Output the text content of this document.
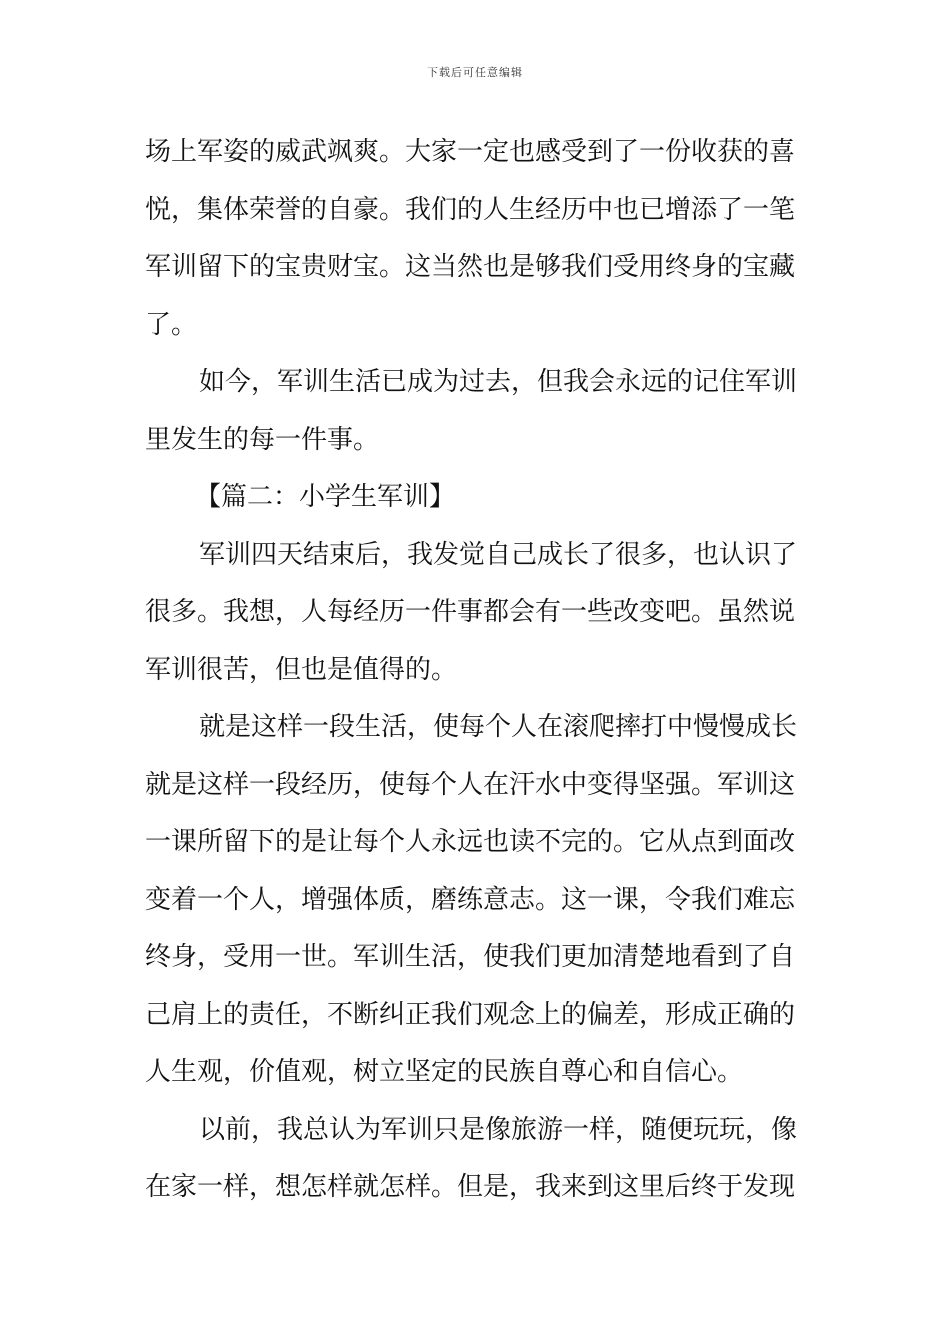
下载后可任意编辑
场上军姿的威武飒爽。大家一定也感受到了一份收获的喜
悦，集体荣誉的自豪。我们的人生经历中也已增添了一笔
军训留下的宝贵财宝。这当然也是够我们受用终身的宝藏
了。
如今，军训生活已成为过去，但我会永远的记住军训
里发生的每一件事。
【篇二：小学生军训】
军训四天结束后，我发觉自己成长了很多，也认识了
很多。我想，人每经历一件事都会有一些改变吧。虽然说
军训很苦，但也是值得的。
就是这样一段生活，使每个人在滚爬摔打中慢慢成长
就是这样一段经历，使每个人在汗水中变得坚强。军训这
一课所留下的是让每个人永远也读不完的。它从点到面改
变着一个人，增强体质，磨练意志。这一课，令我们难忘
终身，受用一世。军训生活，使我们更加清楚地看到了自
己肩上的责任，不断纠正我们观念上的偏差，形成正确的
人生观，价值观，树立坚定的民族自尊心和自信心。
以前，我总认为军训只是像旅游一样，随便玩玩，像
在家一样，想怎样就怎样。但是，我来到这里后终于发现
